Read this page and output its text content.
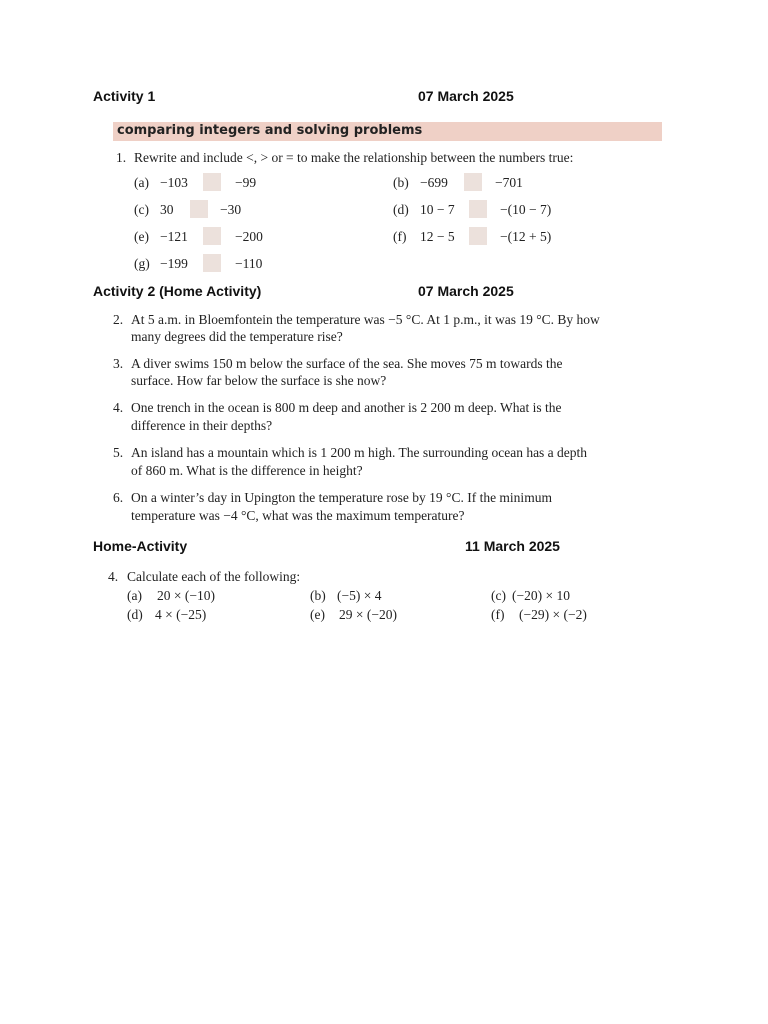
Activity 1	07 March 2025
comparing integers and solving problems
1. Rewrite and include <, > or = to make the relationship between the numbers true:
(a) −103	−99	(b) −699	−701
(c) 30	−30	(d) 10 − 7	−(10 − 7)
(e) −121	−200	(f) 12 − 5	−(12 + 5)
(g) −199	−110
Activity 2 (Home Activity)	07 March 2025
2. At 5 a.m. in Bloemfontein the temperature was −5 °C. At 1 p.m., it was 19 °C. By how
many degrees did the temperature rise?
3. A diver swims 150 m below the surface of the sea. She moves 75 m towards the
surface. How far below the surface is she now?
4. One trench in the ocean is 800 m deep and another is 2 200 m deep. What is the
difference in their depths?
5. An island has a mountain which is 1 200 m high. The surrounding ocean has a depth
of 860 m. What is the difference in height?
6. On a winter’s day in Upington the temperature rose by 19 °C. If the minimum
temperature was −4 °C, what was the maximum temperature?
Home-Activity	11 March 2025
4. Calculate each of the following:
(a) 20 × (−10)	(b) (−5) × 4	(c) (−20) × 10
(d) 4 × (−25)	(e) 29 × (−20)	(f) (−29) × (−2)
